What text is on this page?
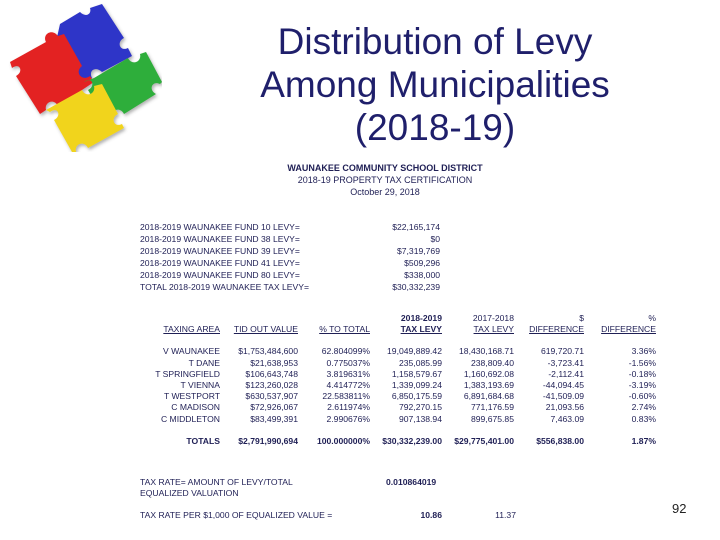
Distribution of Levy
Among Municipalities
(2018-19)
WAUNAKEE COMMUNITY SCHOOL DISTRICT
2018-19 PROPERTY TAX CERTIFICATION
October 29, 2018
2018-2019 WAUNAKEE FUND 10 LEVY=	$22,165,174
2018-2019 WAUNAKEE FUND 38 LEVY=	$0
2018-2019 WAUNAKEE FUND 39 LEVY=	$7,319,769
2018-2019 WAUNAKEE FUND 41 LEVY=	$509,296
2018-2019 WAUNAKEE FUND 80 LEVY=	$338,000
TOTAL 2018-2019 WAUNAKEE TAX LEVY=	$30,332,239
			2018-2019	2017-2018	$	%
TAXING AREA	TID OUT VALUE	% TO TOTAL	TAX LEVY	TAX LEVY	DIFFERENCE	DIFFERENCE

V WAUNAKEE	$1,753,484,600	62.804099%	19,049,889.42	18,430,168.71	619,720.71	3.36%
T DANE	$21,638,953	0.775037%	235,085.99	238,809.40	-3,723.41	-1.56%
T SPRINGFIELD	$106,643,748	3.819631%	1,158,579.67	1,160,692.08	-2,112.41	-0.18%
T VIENNA	$123,260,028	4.414772%	1,339,099.24	1,383,193.69	-44,094.45	-3.19%
T WESTPORT	$630,537,907	22.583811%	6,850,175.59	6,891,684.68	-41,509.09	-0.60%
C MADISON	$72,926,067	2.611974%	792,270.15	771,176.59	21,093.56	2.74%
C MIDDLETON	$83,499,391	2.990676%	907,138.94	899,675.85	7,463.09	0.83%

TOTALS	$2,791,990,694	100.000000%	$30,332,239.00	$29,775,401.00	$556,838.00	1.87%
TAX RATE= AMOUNT OF LEVY/TOTAL
EQUALIZED VALUATION
0.010864019
TAX RATE PER $1,000 OF EQUALIZED VALUE =	10.86	11.37	92
